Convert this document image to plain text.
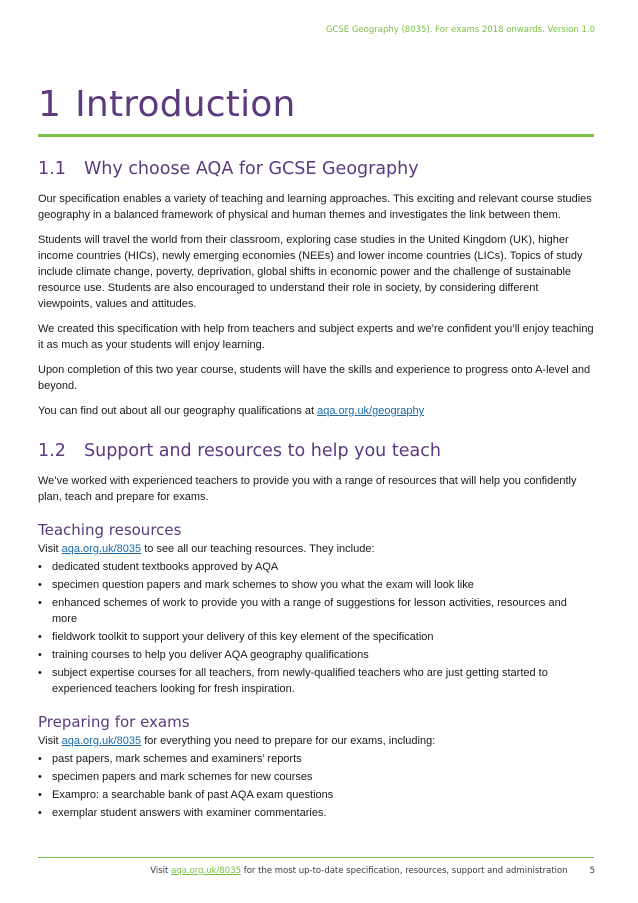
GCSE Geography (8035). For exams 2018 onwards. Version 1.0
1 Introduction
1.1 Why choose AQA for GCSE Geography

Our specification enables a variety of teaching and learning approaches. This exciting and relevant course studies geography in a balanced framework of physical and human themes and investigates the link between them.

Students will travel the world from their classroom, exploring case studies in the United Kingdom (UK), higher income countries (HICs), newly emerging economies (NEEs) and lower income countries (LICs). Topics of study include climate change, poverty, deprivation, global shifts in economic power and the challenge of sustainable resource use. Students are also encouraged to understand their role in society, by considering different viewpoints, values and attitudes.

We created this specification with help from teachers and subject experts and we’re confident you’ll enjoy teaching it as much as your students will enjoy learning.

Upon completion of this two year course, students will have the skills and experience to progress onto A-level and beyond.

You can find out about all our geography qualifications at aqa.org.uk/geography

1.2 Support and resources to help you teach

We’ve worked with experienced teachers to provide you with a range of resources that will help you confidently plan, teach and prepare for exams.

Teaching resources

Visit aqa.org.uk/8035 to see all our teaching resources. They include:

• dedicated student textbooks approved by AQA
• specimen question papers and mark schemes to show you what the exam will look like
• enhanced schemes of work to provide you with a range of suggestions for lesson activities, resources and more
• fieldwork toolkit to support your delivery of this key element of the specification
• training courses to help you deliver AQA geography qualifications
• subject expertise courses for all teachers, from newly-qualified teachers who are just getting started to experienced teachers looking for fresh inspiration.
Preparing for exams

Visit aqa.org.uk/8035 for everything you need to prepare for our exams, including:

• past papers, mark schemes and examiners’ reports
• specimen papers and mark schemes for new courses
• Exampro: a searchable bank of past AQA exam questions
• exemplar student answers with examiner commentaries.
Visit aqa.org.uk/8035 for the most up-to-date specification, resources, support and administration	5
